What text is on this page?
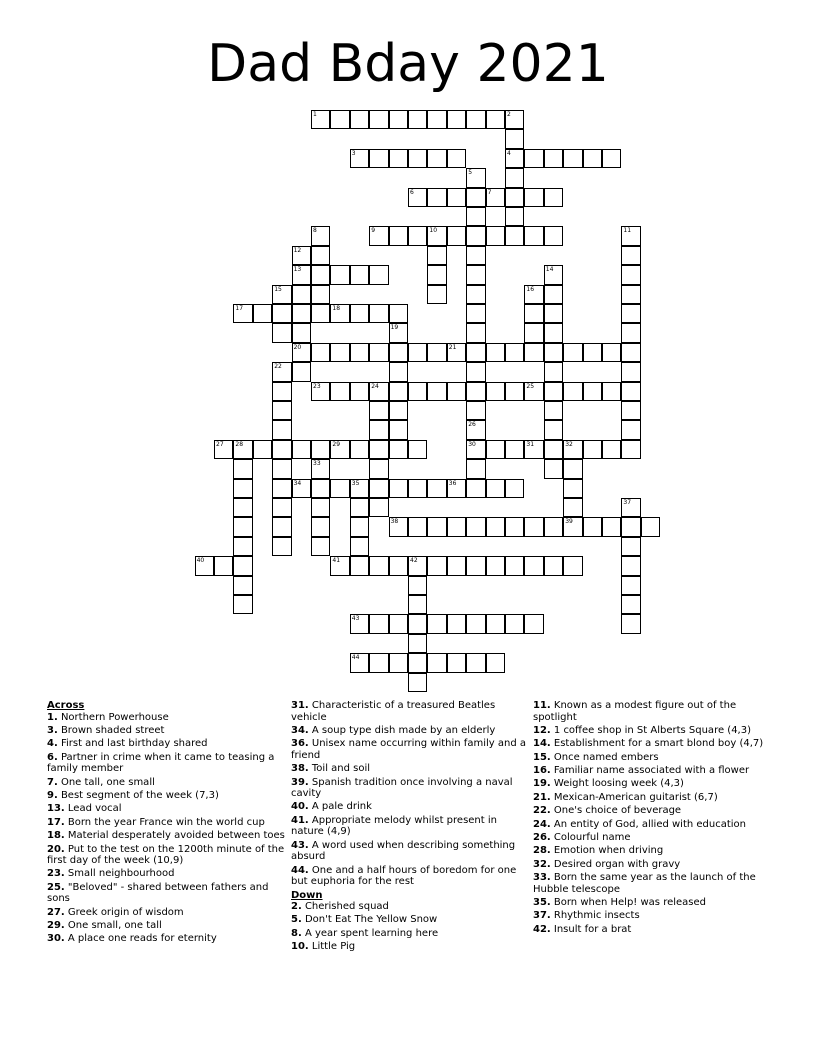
Dad Bday 2021
1	2
4
3
5
6	7
8	9	10	11
12
13
20
14
15	16
17	18
19
21
22
23	24	25
26
30
27 28	29	31	32
39
33
34	35	36
37
38
40	41	42
43
44
Across
1. Northern Powerhouse
3. Brown shaded street
4. First and last birthday shared
6. Partner in crime when it came to teasing a family member
7. One tall, one small
9. Best segment of the week (7,3)
13. Lead vocal
17. Born the year France win the world cup
18. Material desperately avoided between toes
20. Put to the test on the 1200th minute of the first day of the week (10,9)
23. Small neighbourhood
25. "Beloved" - shared between fathers and sons
27. Greek origin of wisdom
29. One small, one tall
30. A place one reads for eternity
31. Characteristic of a treasured Beatles vehicle
34. A soup type dish made by an elderly
36. Unisex name occurring within family and a friend
38. Toil and soil
39. Spanish tradition once involving a naval cavity
40. A pale drink
41. Appropriate melody whilst present in nature (4,9)
43. A word used when describing something absurd
44. One and a half hours of boredom for one but euphoria for the rest
Down
2. Cherished squad
5. Don't Eat The Yellow Snow
8. A year spent learning here
10. Little Pig
11. Known as a modest figure out of the spotlight
12. 1 coffee shop in St Alberts Square (4,3)
14. Establishment for a smart blond boy (4,7)
15. Once named embers
16. Familiar name associated with a flower
19. Weight loosing week (4,3)
21. Mexican-American guitarist (6,7)
22. One's choice of beverage
24. An entity of God, allied with education
26. Colourful name
28. Emotion when driving
32. Desired organ with gravy
33. Born the same year as the launch of the Hubble telescope
35. Born when Help! was released
37. Rhythmic insects
42. Insult for a brat
